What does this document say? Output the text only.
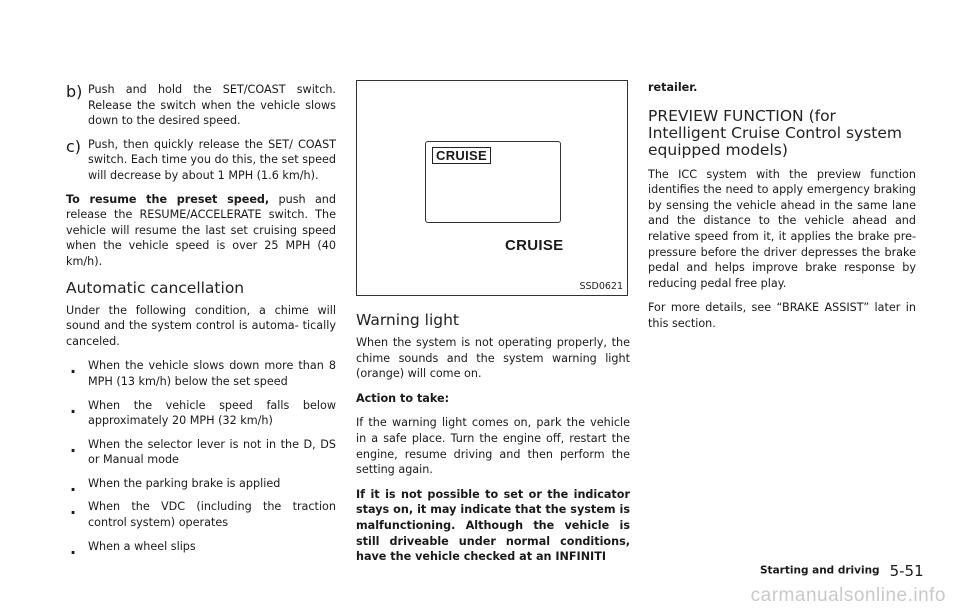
b) Push and hold the SET/COAST switch. Release the switch when the vehicle slows down to the desired speed.

c) Push, then quickly release the SET/ COAST switch. Each time you do this, the set speed will decrease by about 1 MPH (1.6 km/h).

To resume the preset speed, push and release the RESUME/ACCELERATE switch. The vehicle will resume the last set cruising speed when the vehicle speed is over 25 MPH (40 km/h).

Automatic cancellation

Under the following condition, a chime will sound and the system control is automa- tically canceled.

. When the vehicle slows down more than 8 MPH (13 km/h) below the set speed

. When the vehicle speed falls below approximately 20 MPH (32 km/h)

. When the selector lever is not in the D, DS or Manual mode

. When the parking brake is applied

. When the VDC (including the traction control system) operates

. When a wheel slips

CRUISE
CRUISE
SSD0621
Warning light

When the system is not operating properly, the chime sounds and the system warning light (orange) will come on.

Action to take:

If the warning light comes on, park the vehicle in a safe place. Turn the engine off, restart the engine, resume driving and then perform the setting again.

If it is not possible to set or the indicator stays on, it may indicate that the system is malfunctioning. Although the vehicle is still driveable under normal conditions, have the vehicle checked at an INFINITI

retailer.

PREVIEW FUNCTION (for Intelligent Cruise Control system equipped models)

The ICC system with the preview function identifies the need to apply emergency braking by sensing the vehicle ahead in the same lane and the distance to the vehicle ahead and relative speed from it, it applies the brake pre-pressure before the driver depresses the brake pedal and helps improve brake response by reducing pedal free play.

For more details, see “BRAKE ASSIST” later in this section.

Starting and driving 5-51
carmanualsonline.info
